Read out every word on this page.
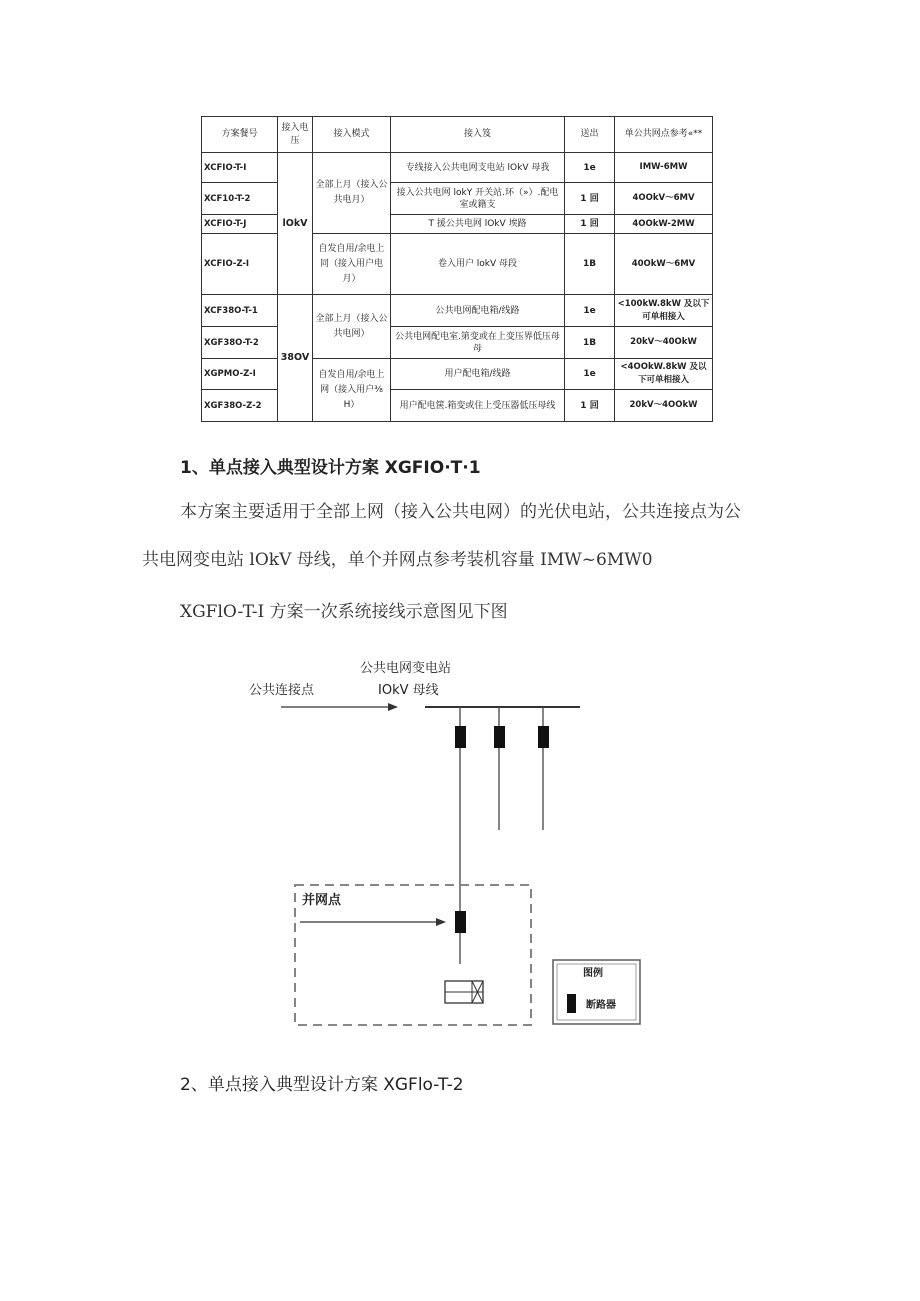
方案餐号	接入电压	接入模式	接入笈	送出	单公共网点参考«**
XCFIO-T-I	lOkV	全部上月（接入公共电月）	专线接入公共电网支电站 lOkV 母我	1e	IMW-6MW
XCF10-T-2			接入公共电网 lokY 开关站.环（»）.配电室或籍支	1 回	4OOkV～6MV
XCFIO-T-J			T 援公共电网 lOkV 埃路	1 回	4OOkW-2MW
XCFIO-Z-I		自发自用/余电上同（接入用户电月）	卷入用户 lokV 母段	1B	40OkW～6MV
XCF38O-T-1	38OV	全部上月（接入公共电网）	公共电网配电箱/线路	1e	<100kW.8kW 及以下可单相接入
XGF38O-T-2			公共电网配电室.第变或在上变压界低压母母	1B	20kV～40OkW
XGPMO-Z-I		自发自用/余电上网（接入用户⅜H）	用户配电箱/线路	1e	<4OOkW.8kW 及以下可单相接入
XGF38O-Z-2			用户配电箧.箱变或住上受压器低压母线	1 回	20kV～4OOkW

1、单点接入典型设计方案 XGFIO·T·1

本方案主要适用于全部上网（接入公共电网）的光伏电站，公共连接点为公

共电网变电站 lOkV 母线，单个并网点参考装机容量 IMW~6MW0

XGFlO-T-I 方案一次系统接线示意图见下图

公共电网变电站
IOkV 母线
公共连接点
并网点
图例
断路器

2、单点接入典型设计方案 XGFlo-T-2
